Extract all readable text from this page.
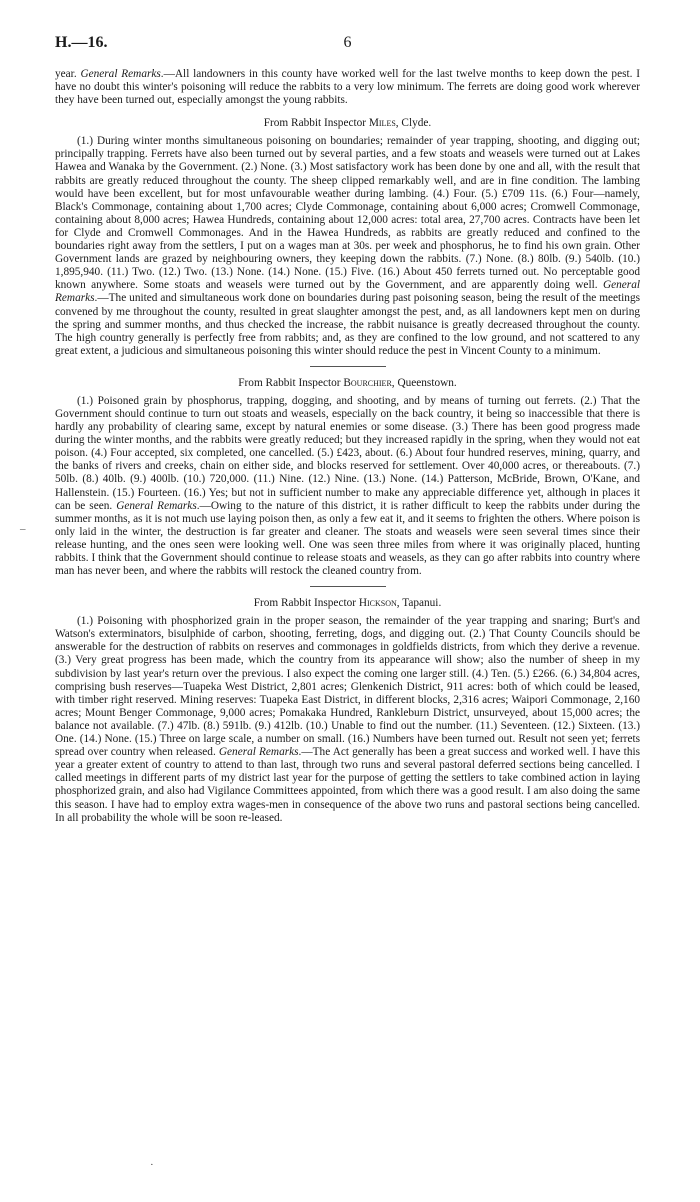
H.—16.	6

year. General Remarks.—All landowners in this county have worked well for the last twelve months to keep down the pest. I have no doubt this winter's poisoning will reduce the rabbits to a very low minimum. The ferrets are doing good work wherever they have been turned out, especially amongst the young rabbits.

From Rabbit Inspector Miles, Clyde.

(1.) During winter months simultaneous poisoning on boundaries; remainder of year trapping, shooting, and digging out; principally trapping. Ferrets have also been turned out by several parties, and a few stoats and weasels were turned out at Lakes Hawea and Wanaka by the Government. (2.) None. (3.) Most satisfactory work has been done by one and all, with the result that rabbits are greatly reduced throughout the county. The sheep clipped remarkably well, and are in fine condition. The lambing would have been excellent, but for most unfavourable weather during lambing. (4.) Four. (5.) £709 11s. (6.) Four—namely, Black's Commonage, containing about 1,700 acres; Clyde Commonage, containing about 6,000 acres; Cromwell Commonage, containing about 8,000 acres; Hawea Hundreds, containing about 12,000 acres: total area, 27,700 acres. Contracts have been let for Clyde and Cromwell Commonages. And in the Hawea Hundreds, as rabbits are greatly reduced and confined to the boundaries right away from the settlers, I put on a wages man at 30s. per week and phosphorus, he to find his own grain. Other Government lands are grazed by neighbouring owners, they keeping down the rabbits. (7.) None. (8.) 80lb. (9.) 540lb. (10.) 1,895,940. (11.) Two. (12.) Two. (13.) None. (14.) None. (15.) Five. (16.) About 450 ferrets turned out. No perceptable good known anywhere. Some stoats and weasels were turned out by the Government, and are apparently doing well. General Remarks.—The united and simultaneous work done on boundaries during past poisoning season, being the result of the meetings convened by me throughout the county, resulted in great slaughter amongst the pest, and, as all landowners kept men on during the spring and summer months, and thus checked the increase, the rabbit nuisance is greatly decreased throughout the county. The high country generally is perfectly free from rabbits; and, as they are confined to the low ground, and not scattered to any great extent, a judicious and simultaneous poisoning this winter should reduce the pest in Vincent County to a minimum.

From Rabbit Inspector Bourchier, Queenstown.

(1.) Poisoned grain by phosphorus, trapping, dogging, and shooting, and by means of turning out ferrets. (2.) That the Government should continue to turn out stoats and weasels, especially on the back country, it being so inaccessible that there is hardly any probability of clearing same, except by natural enemies or some disease. (3.) There has been good progress made during the winter months, and the rabbits were greatly reduced; but they increased rapidly in the spring, when they would not eat poison. (4.) Four accepted, six completed, one cancelled. (5.) £423, about. (6.) About four hundred reserves, mining, quarry, and the banks of rivers and creeks, chain on either side, and blocks reserved for settlement. Over 40,000 acres, or thereabouts. (7.) 50lb. (8.) 40lb. (9.) 400lb. (10.) 720,000. (11.) Nine. (12.) Nine. (13.) None. (14.) Patterson, McBride, Brown, O'Kane, and Hallenstein. (15.) Fourteen. (16.) Yes; but not in sufficient number to make any appreciable difference yet, although in places it can be seen. General Remarks.—Owing to the nature of this district, it is rather difficult to keep the rabbits under during the summer months, as it is not much use laying poison then, as only a few eat it, and it seems to frighten the others. Where poison is only laid in the winter, the destruction is far greater and cleaner. The stoats and weasels were seen several times since their release hunting, and the ones seen were looking well. One was seen three miles from where it was originally placed, hunting rabbits. I think that the Government should continue to release stoats and weasels, as they can go after rabbits into country where man has never been, and where the rabbits will restock the cleaned country from.

From Rabbit Inspector Hickson, Tapanui.

(1.) Poisoning with phosphorized grain in the proper season, the remainder of the year trapping and snaring; Burt's and Watson's exterminators, bisulphide of carbon, shooting, ferreting, dogs, and digging out. (2.) That County Councils should be answerable for the destruction of rabbits on reserves and commonages in goldfields districts, from which they derive a revenue. (3.) Very great progress has been made, which the country from its appearance will show; also the number of sheep in my subdivision by last year's return over the previous. I also expect the coming one larger still. (4.) Ten. (5.) £266. (6.) 34,804 acres, comprising bush reserves—Tuapeka West District, 2,801 acres; Glenkenich District, 911 acres: both of which could be leased, with timber right reserved. Mining reserves: Tuapeka East District, in different blocks, 2,316 acres; Waipori Commonage, 2,160 acres; Mount Benger Commonage, 9,000 acres; Pomakaka Hundred, Rankleburn District, unsurveyed, about 15,000 acres; the balance not available. (7.) 47lb. (8.) 591lb. (9.) 412lb. (10.) Unable to find out the number. (11.) Seventeen. (12.) Sixteen. (13.) One. (14.) None. (15.) Three on large scale, a number on small. (16.) Numbers have been turned out. Result not seen yet; ferrets spread over country when released. General Remarks.—The Act generally has been a great success and worked well. I have this year a greater extent of country to attend to than last, through two runs and several pastoral deferred sections being cancelled. I called meetings in different parts of my district last year for the purpose of getting the settlers to take combined action in laying phosphorized grain, and also had Vigilance Committees appointed, from which there was a good result. I am also doing the same this season. I have had to employ extra wages-men in consequence of the above two runs and pastoral sections being cancelled. In all probability the whole will be soon re-leased.

–
·
